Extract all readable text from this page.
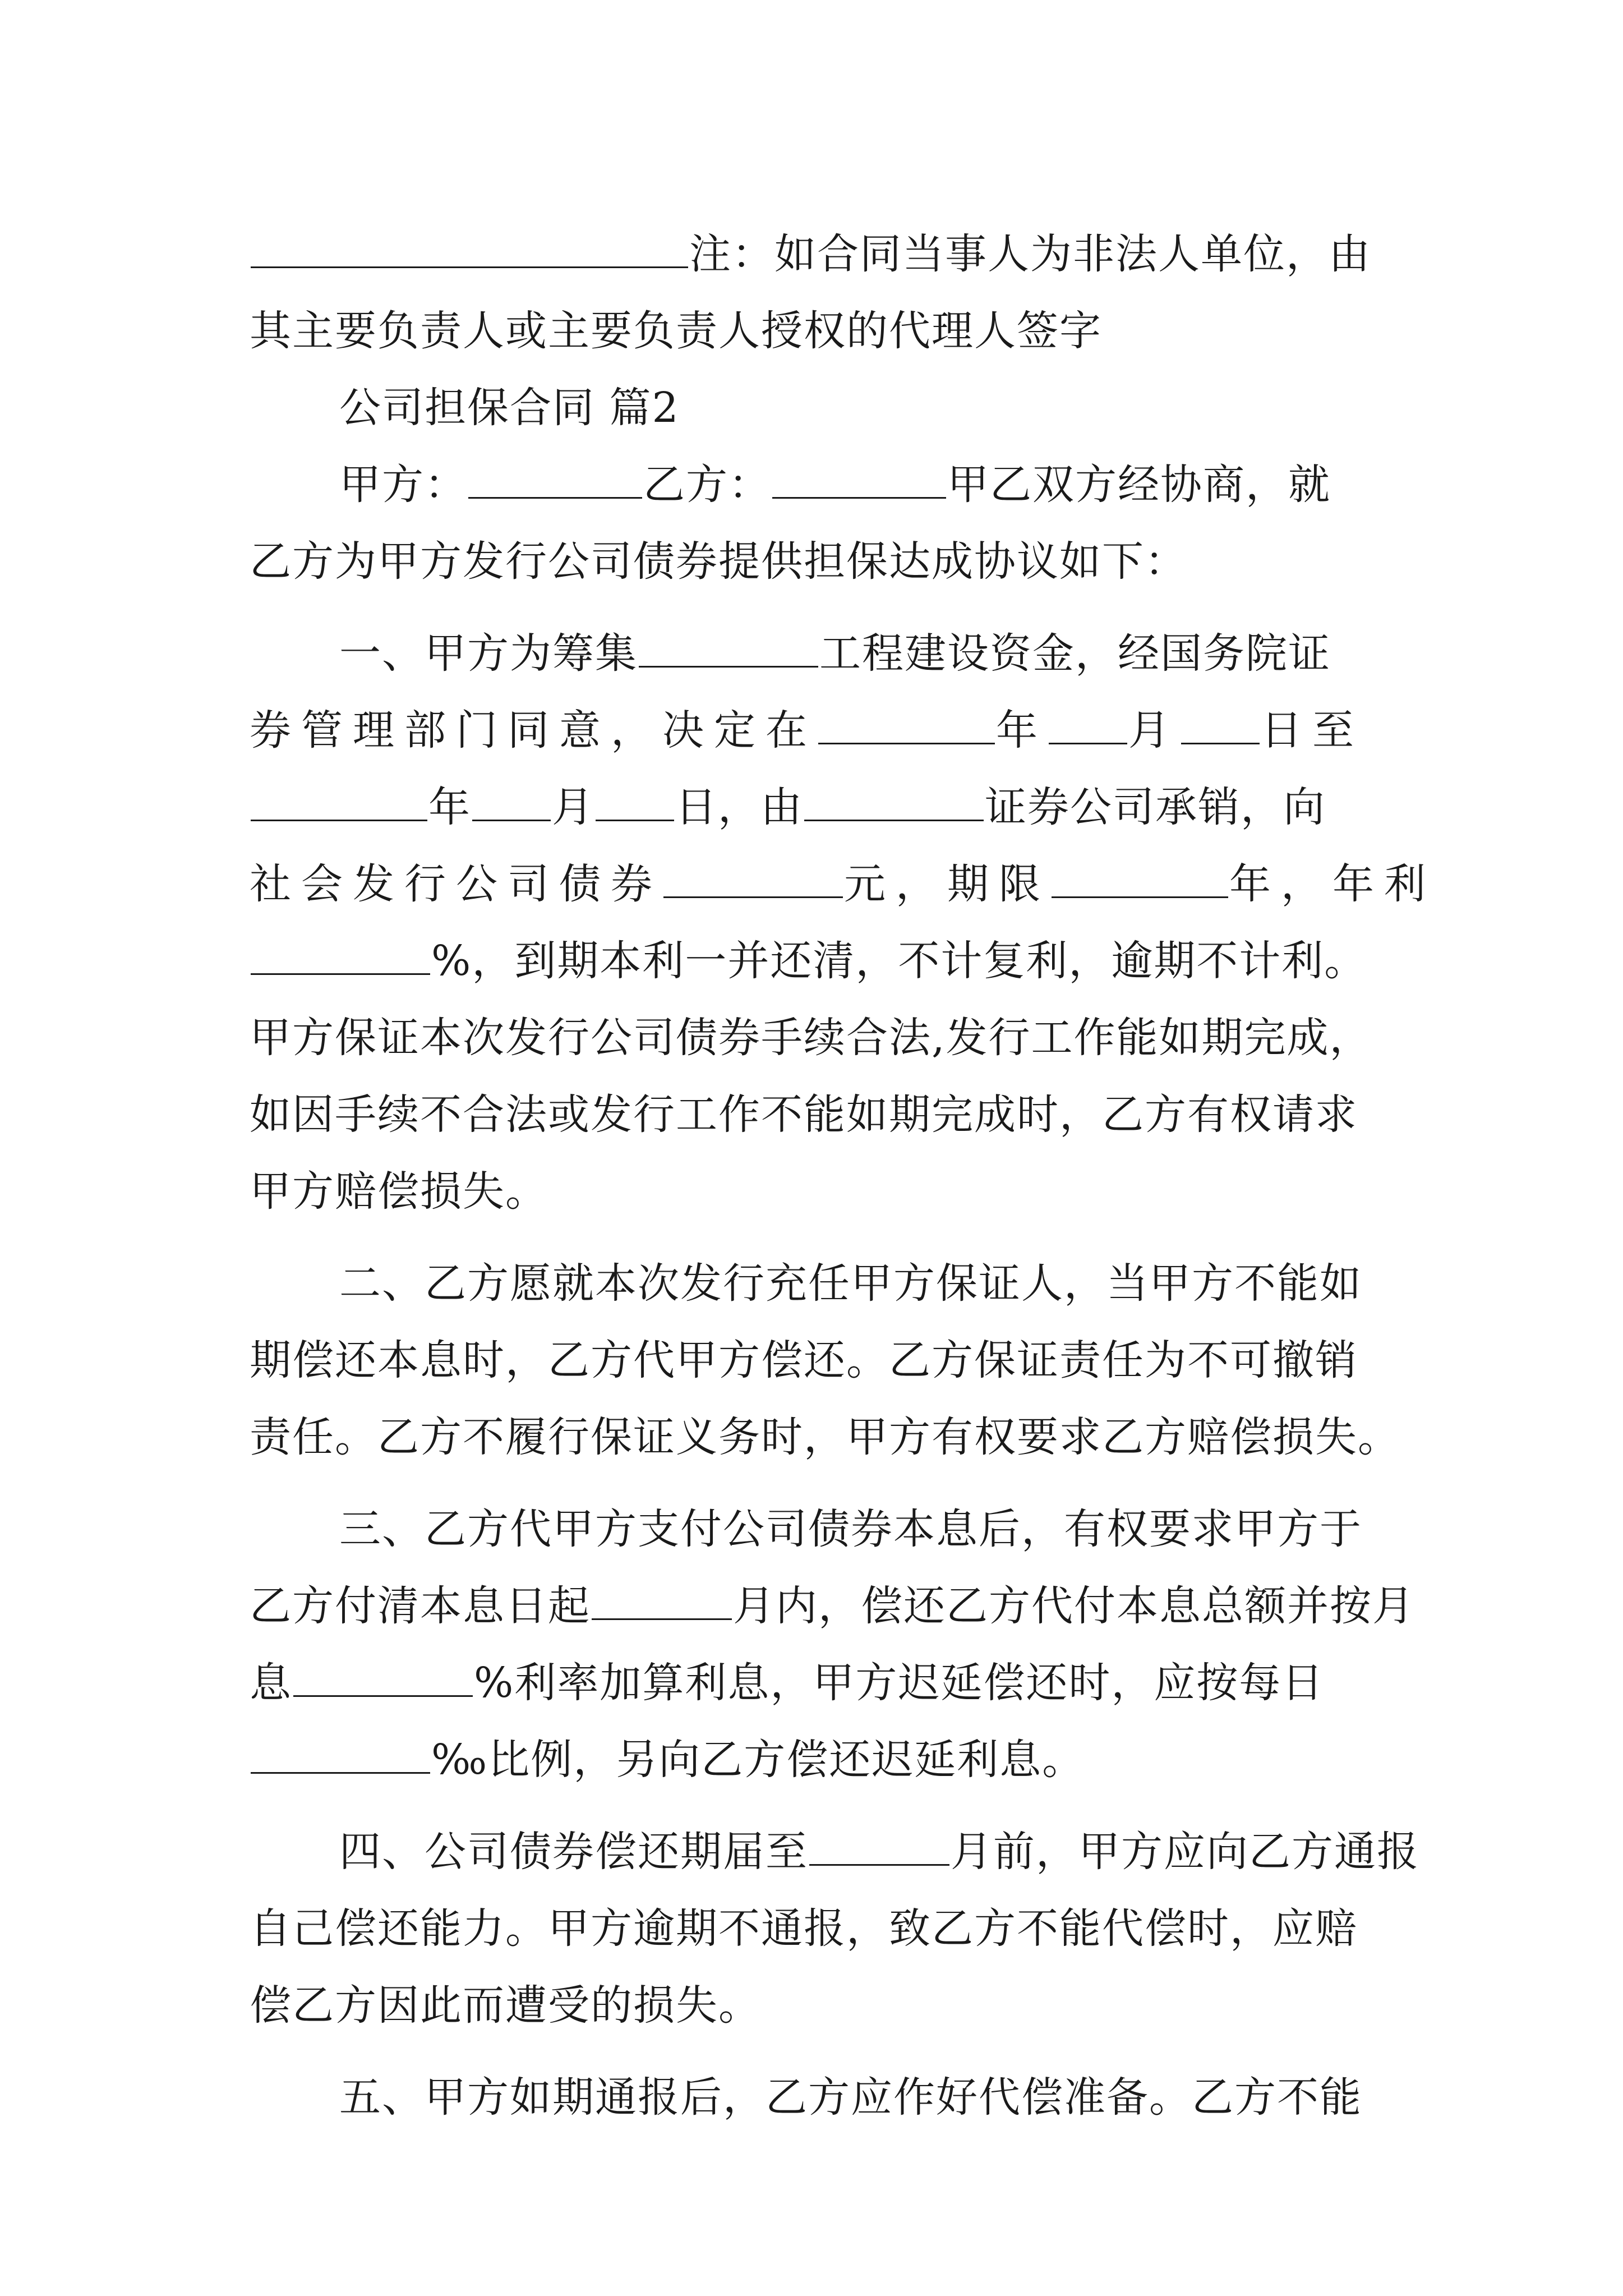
注：如合同当事人为非法人单位，由
其主要负责人或主要负责人授权的代理人签字
公司担保合同 篇2
甲方：	乙方：	甲乙双方经协商，就
乙方为甲方发行公司债券提供担保达成协议如下：
一、甲方为筹集	工程建设资金，经国务院证
券管理部门同意，决定在	年 月 日至
年 月 日，由	证券公司承销，向
社会发行公司债券	元，期限	年，年利
%，到期本利一并还清，不计复利，逾期不计利。
甲方保证本次发行公司债券手续合法,发行工作能如期完成，
如因手续不合法或发行工作不能如期完成时，乙方有权请求
甲方赔偿损失。
二、乙方愿就本次发行充任甲方保证人，当甲方不能如
期偿还本息时，乙方代甲方偿还。乙方保证责任为不可撤销
责任。乙方不履行保证义务时，甲方有权要求乙方赔偿损失。
三、乙方代甲方支付公司债券本息后，有权要求甲方于
乙方付清本息日起	月内，偿还乙方代付本息总额并按月
息	%利率加算利息，甲方迟延偿还时，应按每日
‰比例，另向乙方偿还迟延利息。
四、公司债券偿还期届至	月前，甲方应向乙方通报
自己偿还能力。甲方逾期不通报，致乙方不能代偿时，应赔
偿乙方因此而遭受的损失。
五、甲方如期通报后，乙方应作好代偿准备。乙方不能
